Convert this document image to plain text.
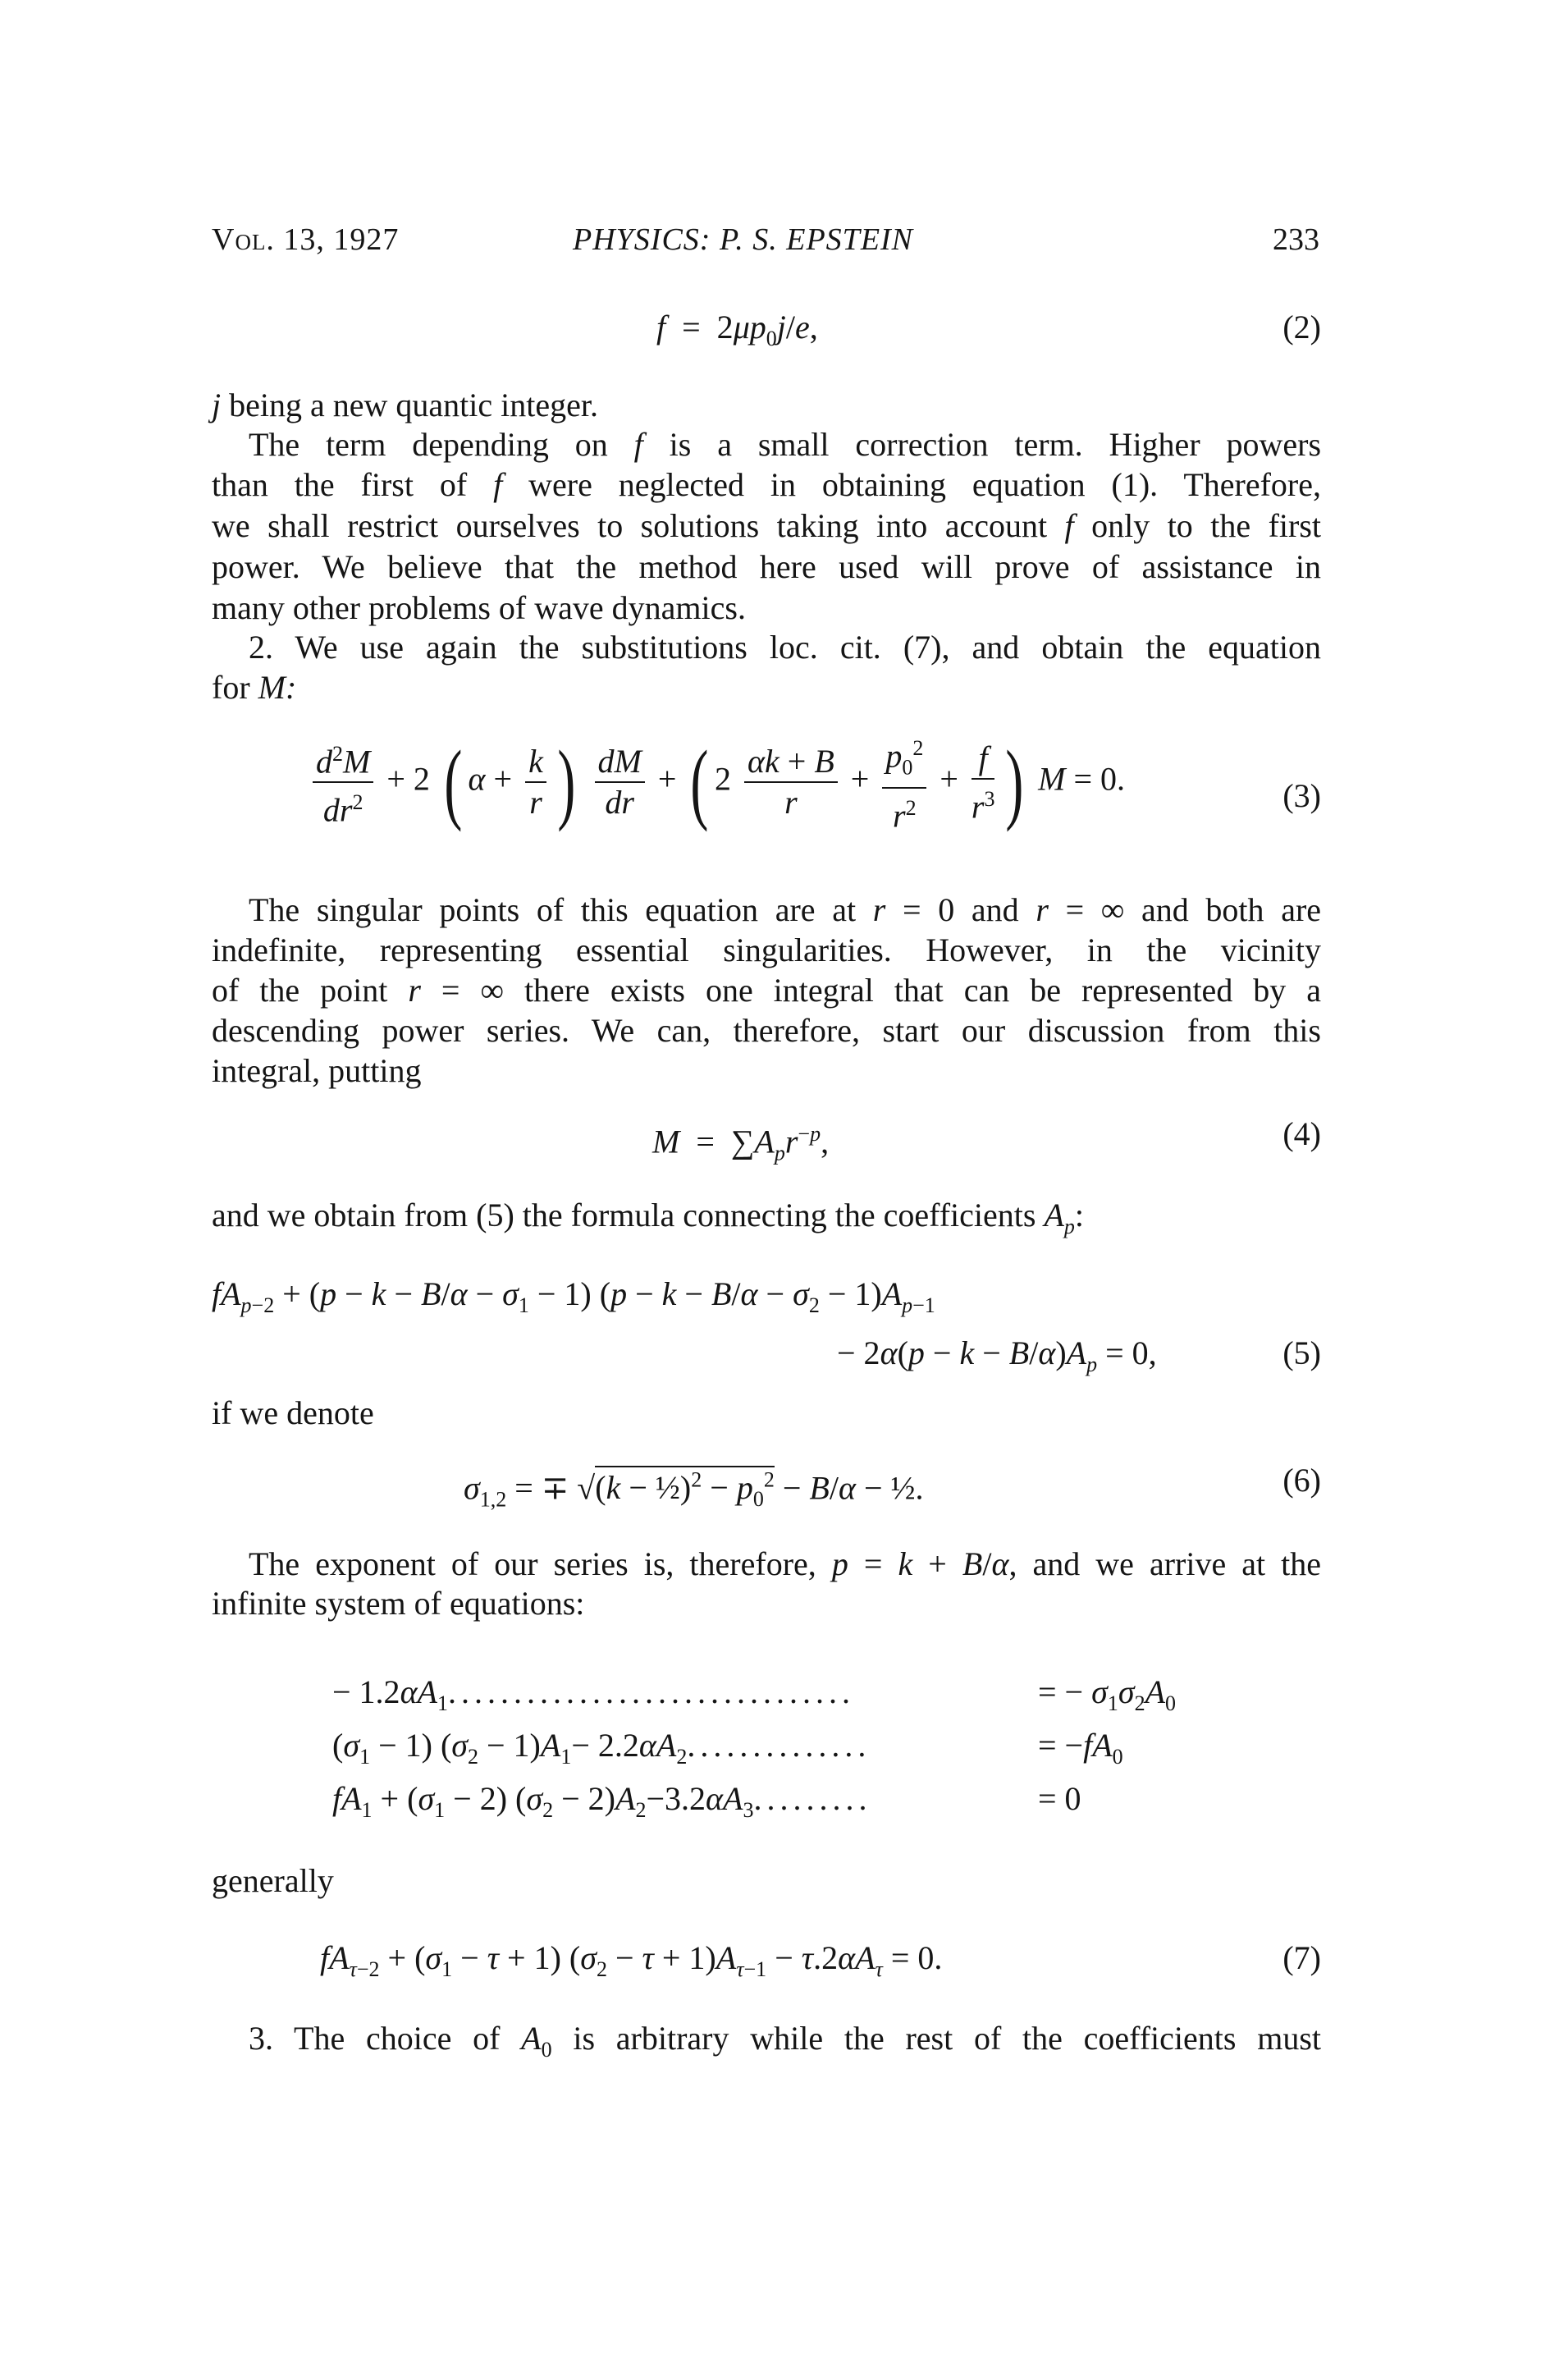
Vol. 13, 1927	PHYSICS: P. S. EPSTEIN	233
$f = 2\mu p_0j/e$,	(2)
j being a new quantic integer.
The term depending on f is a small correction term. Higher powers
than the first of f were neglected in obtaining equation (1). Therefore,
we shall restrict ourselves to solutions taking into account f only to the first
power. We believe that the method here used will prove of assistance in
many other problems of wave dynamics.
2. We use again the substitutions loc. cit. (7), and obtain the equation
for M:
$\frac{d^2M}{dr^2} + 2$ ( $\alpha + \frac{k}{r}$ ) $\frac{dM}{dr}$ + ( $2 \frac{\alpha k + B}{r} + \frac{p_0^2}{r^2} + \frac{f}{r^3}$ ) M = 0.	(3)
The singular points of this equation are at r = 0 and r = ∞ and both are
indefinite, representing essential singularities. However, in the vicinity
of the point r = ∞ there exists one integral that can be represented by a
descending power series. We can, therefore, start our discussion from this
integral, putting
$M = \sum A_pr^{-p}$,	(4)
and we obtain from (5) the formula connecting the coefficients $A_p$:
$fA_{p-2} + (p - k - B/\alpha - \sigma_1 - 1) (p - k - B/\alpha - \sigma_2 - 1)A_{p-1}$
− $2\alpha(p - k - B/\alpha)A_p = 0$,	(5)
if we denote
$\sigma_{1,2}$ = ∓ √(k − ½)$^2$ − $p_0^2 - B/\alpha$ − ½.	(6)
The exponent of our series is, therefore, p = k + B/α, and we arrive at the
infinite system of equations:
− $1.2\alpha A_1$...............................	= − $\sigma_1\sigma_2A_0$
$(\sigma_1 - 1) (\sigma_2 - 1)A_1- 2.2\alpha A_2$..............	= $-fA_0$
$fA_1 + (\sigma_1 - 2) (\sigma_2 - 2)A_2-3.2\alpha A_3$.........	= 0
generally
$fA_{\tau-2} + (\sigma_1 - \tau + 1) (\sigma_2 - \tau + 1)A_{\tau-1} - \tau.2\alpha A_\tau = 0$.	(7)
3. The choice of $A_0$ is arbitrary while the rest of the coefficients must
